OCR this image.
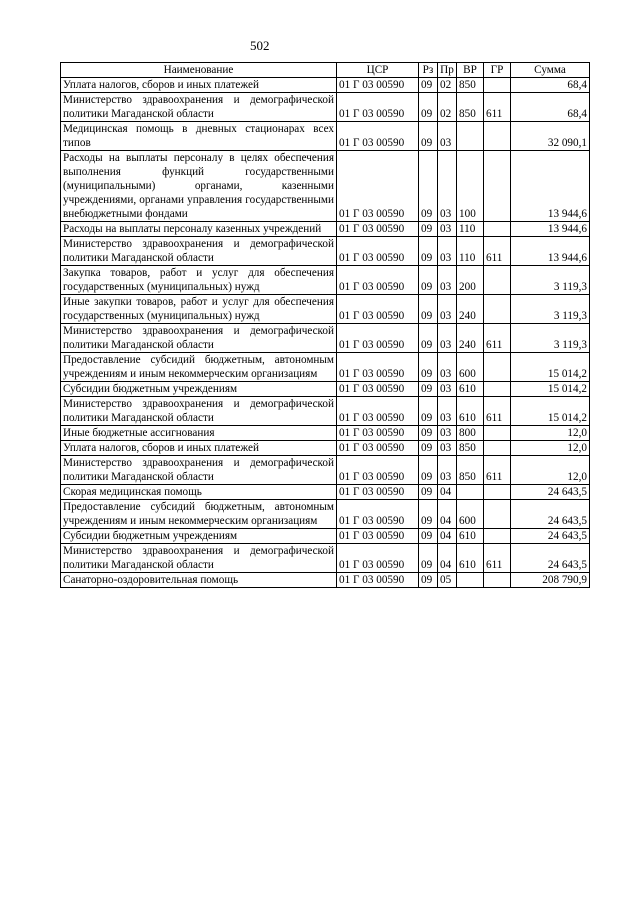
502
Наименование	ЦСР	Рз	Пр	ВР	ГР	Сумма
Уплата налогов, сборов и иных платежей	01 Г 03 00590	09	02	850		68,4
Министерство здравоохранения и демографической политики Магаданской области	01 Г 03 00590	09	02	850	611	68,4
Медицинская помощь в дневных стационарах всех типов	01 Г 03 00590	09	03			32 090,1
Расходы на выплаты персоналу в целях обеспечения выполнения функций государственными (муниципальными) органами, казенными учреждениями, органами управления государственными внебюджетными фондами	01 Г 03 00590	09	03	100		13 944,6
Расходы на выплаты персоналу казенных учреждений	01 Г 03 00590	09	03	110		13 944,6
Министерство здравоохранения и демографической политики Магаданской области	01 Г 03 00590	09	03	110	611	13 944,6
Закупка товаров, работ и услуг для обеспечения государственных (муниципальных) нужд	01 Г 03 00590	09	03	200		3 119,3
Иные закупки товаров, работ и услуг для обеспечения государственных (муниципальных) нужд	01 Г 03 00590	09	03	240		3 119,3
Министерство здравоохранения и демографической политики Магаданской области	01 Г 03 00590	09	03	240	611	3 119,3
Предоставление субсидий бюджетным, автономным учреждениям и иным некоммерческим организациям	01 Г 03 00590	09	03	600		15 014,2
Субсидии бюджетным учреждениям	01 Г 03 00590	09	03	610		15 014,2
Министерство здравоохранения и демографической политики Магаданской области	01 Г 03 00590	09	03	610	611	15 014,2
Иные бюджетные ассигнования	01 Г 03 00590	09	03	800		12,0
Уплата налогов, сборов и иных платежей	01 Г 03 00590	09	03	850		12,0
Министерство здравоохранения и демографической политики Магаданской области	01 Г 03 00590	09	03	850	611	12,0
Скорая медицинская помощь	01 Г 03 00590	09	04			24 643,5
Предоставление субсидий бюджетным, автономным учреждениям и иным некоммерческим организациям	01 Г 03 00590	09	04	600		24 643,5
Субсидии бюджетным учреждениям	01 Г 03 00590	09	04	610		24 643,5
Министерство здравоохранения и демографической политики Магаданской области	01 Г 03 00590	09	04	610	611	24 643,5
Санаторно-оздоровительная помощь	01 Г 03 00590	09	05			208 790,9
